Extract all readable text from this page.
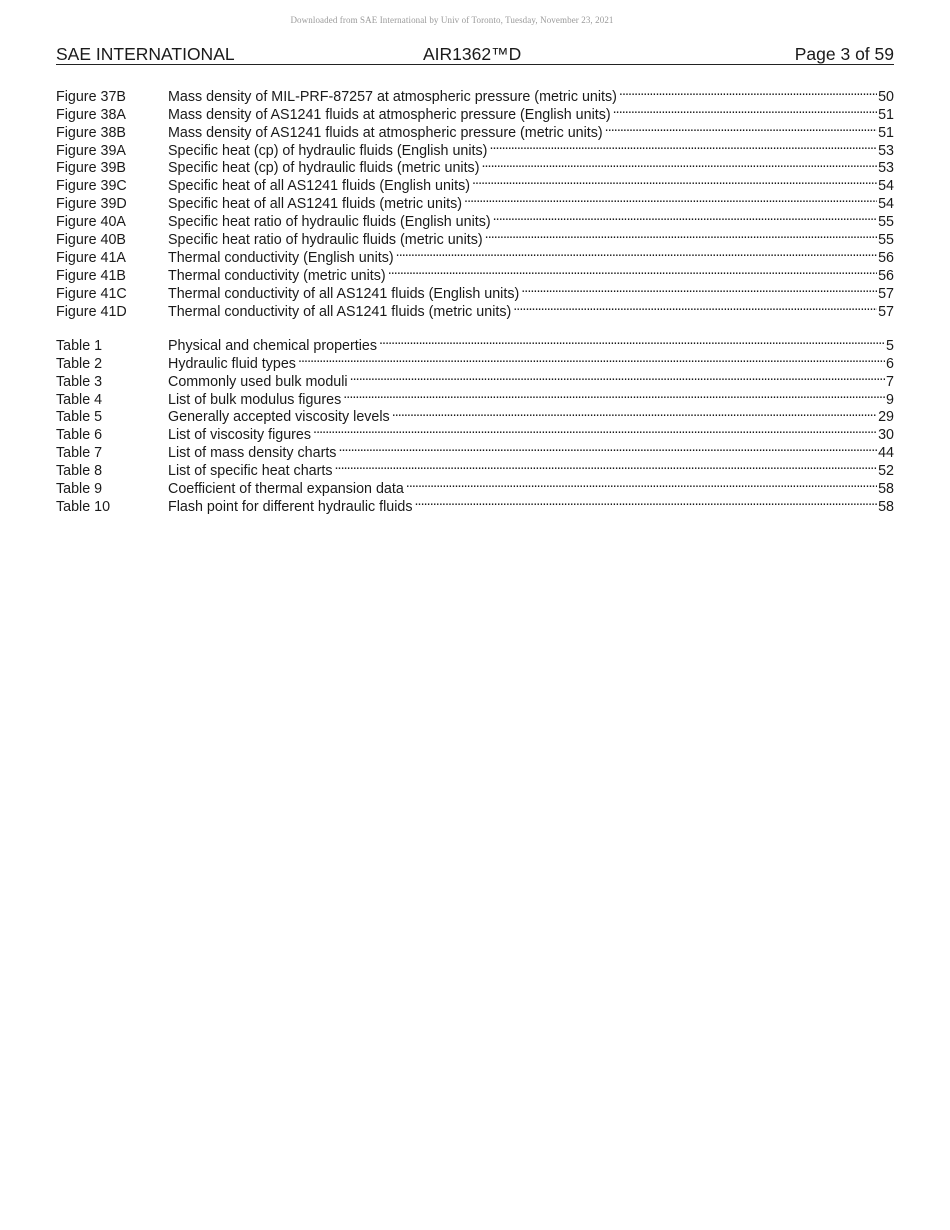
Downloaded from SAE International by Univ of Toronto, Tuesday, November 23, 2021
SAE INTERNATIONAL	AIR1362™D	Page 3 of 59
Figure 37B	Mass density of MIL-PRF-87257 at atmospheric pressure (metric units) . . .	50
Figure 38A	Mass density of AS1241 fluids at atmospheric pressure (English units) . . .	51
Figure 38B	Mass density of AS1241 fluids at atmospheric pressure (metric units) . . .	51
Figure 39A	Specific heat (cp) of hydraulic fluids (English units) . . .	53
Figure 39B	Specific heat (cp) of hydraulic fluids (metric units) . . .	53
Figure 39C	Specific heat of all AS1241 fluids (English units) . . .	54
Figure 39D	Specific heat of all AS1241 fluids (metric units) . . .	54
Figure 40A	Specific heat ratio of hydraulic fluids (English units) . . .	55
Figure 40B	Specific heat ratio of hydraulic fluids (metric units) . . .	55
Figure 41A	Thermal conductivity (English units) . . .	56
Figure 41B	Thermal conductivity (metric units) . . .	56
Figure 41C	Thermal conductivity of all AS1241 fluids (English units) . . .	57
Figure 41D	Thermal conductivity of all AS1241 fluids (metric units) . . .	57
Table 1	Physical and chemical properties . . .	5
Table 2	Hydraulic fluid types . . .	6
Table 3	Commonly used bulk moduli . . .	7
Table 4	List of bulk modulus figures . . .	9
Table 5	Generally accepted viscosity levels . . .	29
Table 6	List of viscosity figures . . .	30
Table 7	List of mass density charts . . .	44
Table 8	List of specific heat charts . . .	52
Table 9	Coefficient of thermal expansion data . . .	58
Table 10	Flash point for different hydraulic fluids . . .	58
